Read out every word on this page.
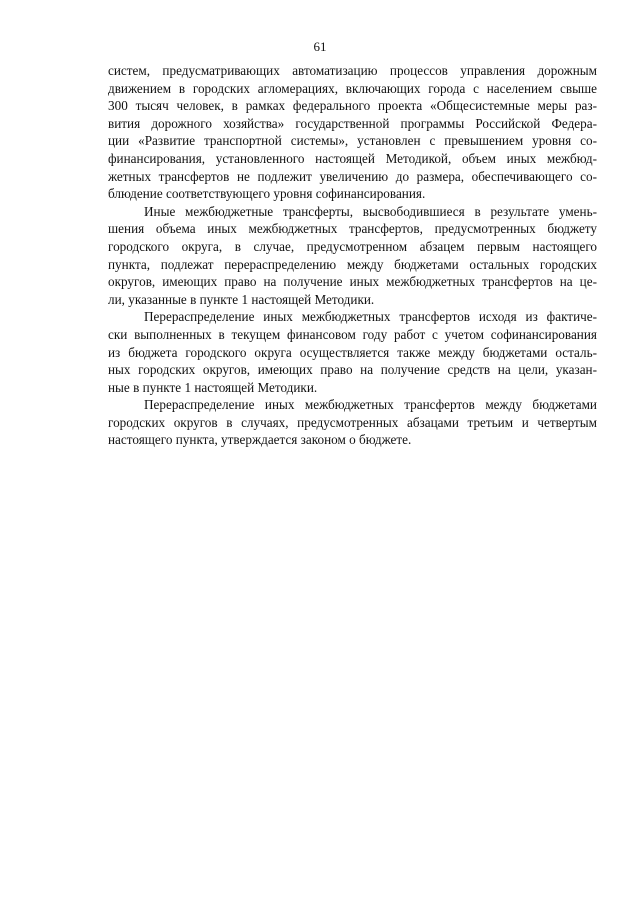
61
систем, предусматривающих автоматизацию процессов управления дорожным
движением в городских агломерациях, включающих города с населением свыше
300 тысяч человек, в рамках федерального проекта «Общесистемные меры раз-
вития дорожного хозяйства» государственной программы Российской Федера-
ции «Развитие транспортной системы», установлен с превышением уровня со-
финансирования, установленного настоящей Методикой, объем иных межбюд-
жетных трансфертов не подлежит увеличению до размера, обеспечивающего со-
блюдение соответствующего уровня софинансирования.
Иные межбюджетные трансферты, высвободившиеся в результате умень-
шения объема иных межбюджетных трансфертов, предусмотренных бюджету
городского округа, в случае, предусмотренном абзацем первым настоящего
пункта, подлежат перераспределению между бюджетами остальных городских
округов, имеющих право на получение иных межбюджетных трансфертов на це-
ли, указанные в пункте 1 настоящей Методики.
Перераспределение иных межбюджетных трансфертов исходя из фактиче-
ски выполненных в текущем финансовом году работ с учетом софинансирования
из бюджета городского округа осуществляется также между бюджетами осталь-
ных городских округов, имеющих право на получение средств на цели, указан-
ные в пункте 1 настоящей Методики.
Перераспределение иных межбюджетных трансфертов между бюджетами
городских округов в случаях, предусмотренных абзацами третьим и четвертым
настоящего пункта, утверждается законом о бюджете.
